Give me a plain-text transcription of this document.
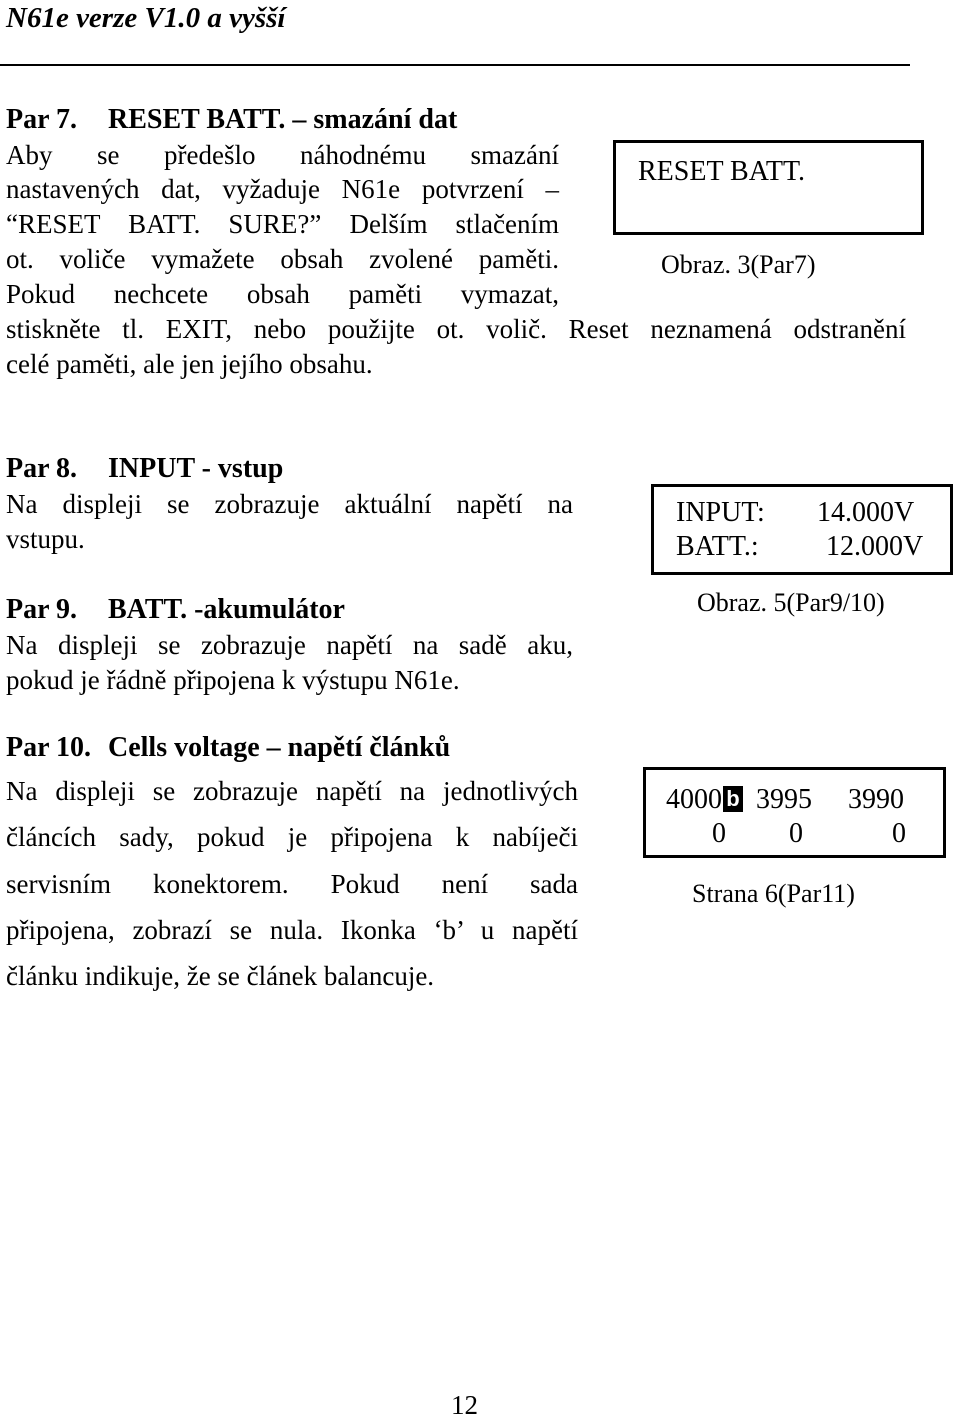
N61e verze V1.0 a vyšší
Par 7. RESET BATT. – smazání dat
Aby se předešlo náhodnému smazání
nastavených dat, vyžaduje N61e potvrzení –
“RESET BATT. SURE?” Delším stlačením
ot. voliče vymažete obsah zvolené paměti.
Pokud nechcete obsah paměti vymazat,
stiskněte tl. EXIT, nebo použijte ot. volič. Reset neznamená odstranění
celé paměti, ale jen jejího obsahu.
RESET BATT.
Obraz. 3(Par7)
Par 8. INPUT - vstup
Na displeji se zobrazuje aktuální napětí na
vstupu.
Par 9. BATT. -akumulátor
Na displeji se zobrazuje napětí na sadě aku,
pokud je řádně připojena k výstupu N61e.
INPUT: 14.000V
BATT.: 12.000V
Obraz. 5(Par9/10)
Par 10. Cells voltage – napětí článků
Na displeji se zobrazuje napětí na jednotlivých
článcích sady, pokud je připojena k nabíječi
servisním konektorem. Pokud není sada
připojena, zobrazí se nula. Ikonka ‘b’ u napětí
článku indikuje, že se článek balancuje.
4000 b 3995 3990
0 0	0
Strana 6(Par11)
12
